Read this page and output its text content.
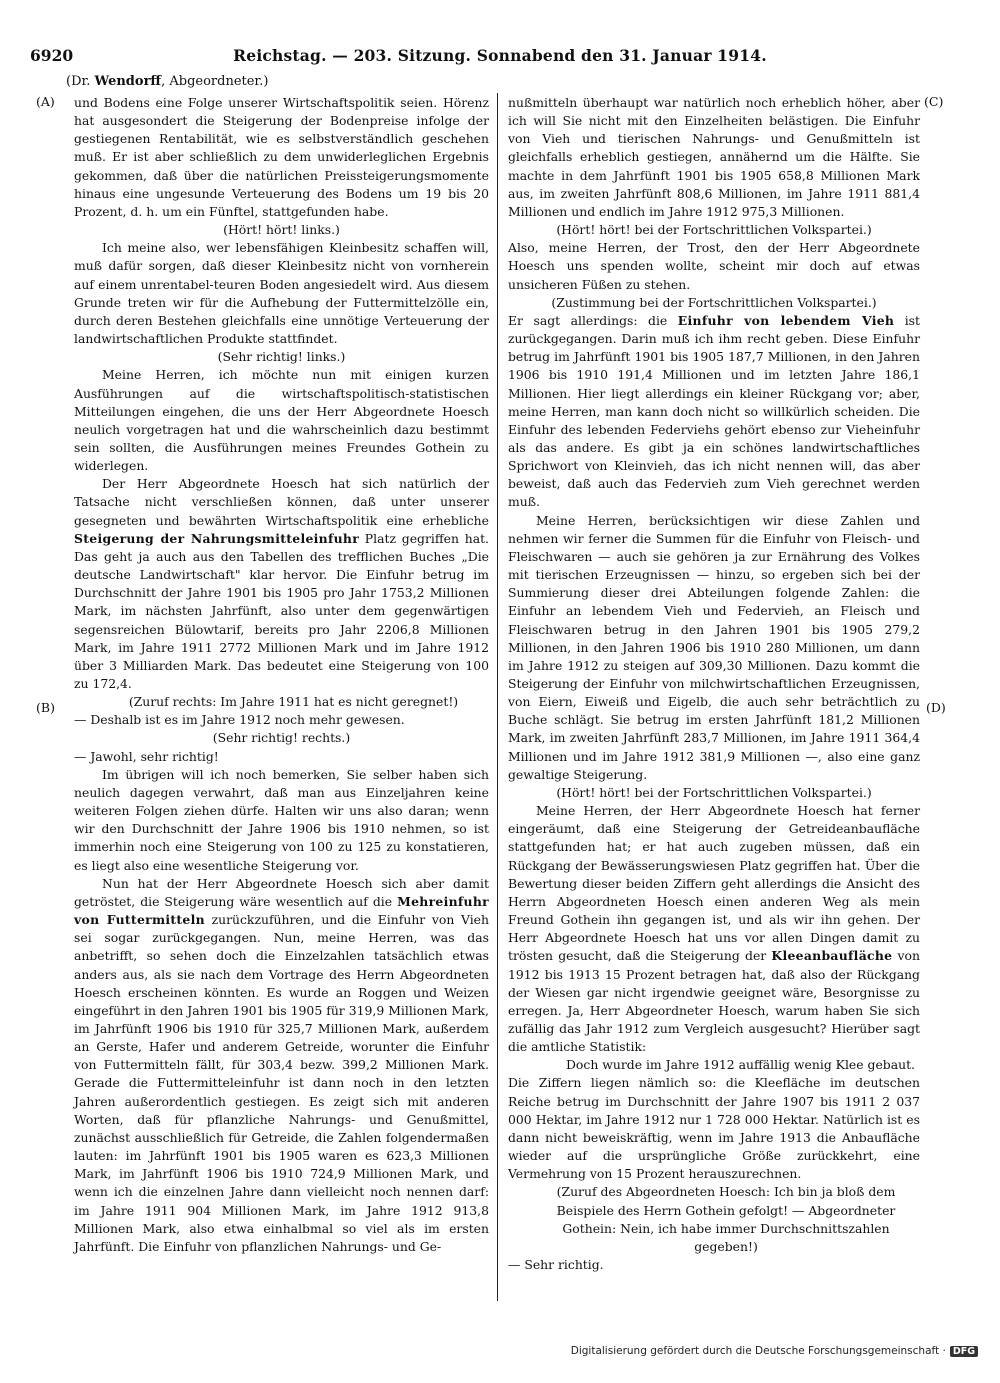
6920	Reichstag. — 203. Sitzung. Sonnabend den 31. Januar 1914.
(Dr. Wendorff, Abgeordneter.)
(A)
(B)
(C)
(D)

und Bodens eine Folge unserer Wirtschaftspolitik seien. Hörenz hat ausgesondert die Steigerung der Bodenpreise infolge der gestiegenen Rentabilität, wie es selbstverständlich geschehen muß. Er ist aber schließlich zu dem unwiderleglichen Ergebnis gekommen, daß über die natürlichen Preissteigerungsmomente hinaus eine ungesunde Verteuerung des Bodens um 19 bis 20 Prozent, d. h. um ein Fünftel, stattgefunden habe.

(Hört! hört! links.)

Ich meine also, wer lebensfähigen Kleinbesitz schaffen will, muß dafür sorgen, daß dieser Kleinbesitz nicht von vornherein auf einem unrentabel-teuren Boden angesiedelt wird. Aus diesem Grunde treten wir für die Aufhebung der Futtermittelzölle ein, durch deren Bestehen gleichfalls eine unnötige Verteuerung der landwirtschaftlichen Produkte stattfindet.

(Sehr richtig! links.)

Meine Herren, ich möchte nun mit einigen kurzen Ausführungen auf die wirtschaftspolitisch-statistischen Mitteilungen eingehen, die uns der Herr Abgeordnete Hoesch neulich vorgetragen hat und die wahrscheinlich dazu bestimmt sein sollten, die Ausführungen meines Freundes Gothein zu widerlegen.

Der Herr Abgeordnete Hoesch hat sich natürlich der Tatsache nicht verschließen können, daß unter unserer gesegneten und bewährten Wirtschaftspolitik eine erhebliche Steigerung der Nahrungsmitteleinfuhr Platz gegriffen hat. Das geht ja auch aus den Tabellen des trefflichen Buches „Die deutsche Landwirtschaft" klar hervor. Die Einfuhr betrug im Durchschnitt der Jahre 1901 bis 1905 pro Jahr 1753,2 Millionen Mark, im nächsten Jahrfünft, also unter dem gegenwärtigen segensreichen Bülowtarif, bereits pro Jahr 2206,8 Millionen Mark, im Jahre 1911 2772 Millionen Mark und im Jahre 1912 über 3 Milliarden Mark. Das bedeutet eine Steigerung von 100 zu 172,4.

(Zuruf rechts: Im Jahre 1911 hat es nicht geregnet!)

— Deshalb ist es im Jahre 1912 noch mehr gewesen.

(Sehr richtig! rechts.)

— Jawohl, sehr richtig!

Im übrigen will ich noch bemerken, Sie selber haben sich neulich dagegen verwahrt, daß man aus Einzeljahren keine weiteren Folgen ziehen dürfe. Halten wir uns also daran; wenn wir den Durchschnitt der Jahre 1906 bis 1910 nehmen, so ist immerhin noch eine Steigerung von 100 zu 125 zu konstatieren, es liegt also eine wesentliche Steigerung vor.

Nun hat der Herr Abgeordnete Hoesch sich aber damit getröstet, die Steigerung wäre wesentlich auf die Mehreinfuhr von Futtermitteln zurückzuführen, und die Einfuhr von Vieh sei sogar zurückgegangen. Nun, meine Herren, was das anbetrifft, so sehen doch die Einzelzahlen tatsächlich etwas anders aus, als sie nach dem Vortrage des Herrn Abgeordneten Hoesch erscheinen könnten. Es wurde an Roggen und Weizen eingeführt in den Jahren 1901 bis 1905 für 319,9 Millionen Mark, im Jahrfünft 1906 bis 1910 für 325,7 Millionen Mark, außerdem an Gerste, Hafer und anderem Getreide, worunter die Einfuhr von Futtermitteln fällt, für 303,4 bezw. 399,2 Millionen Mark. Gerade die Futtermitteleinfuhr ist dann noch in den letzten Jahren außerordentlich gestiegen. Es zeigt sich mit anderen Worten, daß für pflanzliche Nahrungs- und Genußmittel, zunächst ausschließlich für Getreide, die Zahlen folgendermaßen lauten: im Jahrfünft 1901 bis 1905 waren es 623,3 Millionen Mark, im Jahrfünft 1906 bis 1910 724,9 Millionen Mark, und wenn ich die einzelnen Jahre dann vielleicht noch nennen darf: im Jahre 1911 904 Millionen Mark, im Jahre 1912 913,8 Millionen Mark, also etwa einhalbmal so viel als im ersten Jahrfünft. Die Einfuhr von pflanzlichen Nahrungs- und Ge-

nußmitteln überhaupt war natürlich noch erheblich höher, aber ich will Sie nicht mit den Einzelheiten belästigen. Die Einfuhr von Vieh und tierischen Nahrungs- und Genußmitteln ist gleichfalls erheblich gestiegen, annähernd um die Hälfte. Sie machte in dem Jahrfünft 1901 bis 1905 658,8 Millionen Mark aus, im zweiten Jahrfünft 808,6 Millionen, im Jahre 1911 881,4 Millionen und endlich im Jahre 1912 975,3 Millionen.

(Hört! hört! bei der Fortschrittlichen Volkspartei.)

Also, meine Herren, der Trost, den der Herr Abgeordnete Hoesch uns spenden wollte, scheint mir doch auf etwas unsicheren Füßen zu stehen.

(Zustimmung bei der Fortschrittlichen Volkspartei.)

Er sagt allerdings: die Einfuhr von lebendem Vieh ist zurückgegangen. Darin muß ich ihm recht geben. Diese Einfuhr betrug im Jahrfünft 1901 bis 1905 187,7 Millionen, in den Jahren 1906 bis 1910 191,4 Millionen und im letzten Jahre 186,1 Millionen. Hier liegt allerdings ein kleiner Rückgang vor; aber, meine Herren, man kann doch nicht so willkürlich scheiden. Die Einfuhr des lebenden Federviehs gehört ebenso zur Vieheinfuhr als das andere. Es gibt ja ein schönes landwirtschaftliches Sprichwort von Kleinvieh, das ich nicht nennen will, das aber beweist, daß auch das Federvieh zum Vieh gerechnet werden muß.

Meine Herren, berücksichtigen wir diese Zahlen und nehmen wir ferner die Summen für die Einfuhr von Fleisch- und Fleischwaren — auch sie gehören ja zur Ernährung des Volkes mit tierischen Erzeugnissen — hinzu, so ergeben sich bei der Summierung dieser drei Abteilungen folgende Zahlen: die Einfuhr an lebendem Vieh und Federvieh, an Fleisch und Fleischwaren betrug in den Jahren 1901 bis 1905 279,2 Millionen, in den Jahren 1906 bis 1910 280 Millionen, um dann im Jahre 1912 zu steigen auf 309,30 Millionen. Dazu kommt die Steigerung der Einfuhr von milchwirtschaftlichen Erzeugnissen, von Eiern, Eiweiß und Eigelb, die auch sehr beträchtlich zu Buche schlägt. Sie betrug im ersten Jahrfünft 181,2 Millionen Mark, im zweiten Jahrfünft 283,7 Millionen, im Jahre 1911 364,4 Millionen und im Jahre 1912 381,9 Millionen —, also eine ganz gewaltige Steigerung.

(Hört! hört! bei der Fortschrittlichen Volkspartei.)

Meine Herren, der Herr Abgeordnete Hoesch hat ferner eingeräumt, daß eine Steigerung der Getreideanbaufläche stattgefunden hat; er hat auch zugeben müssen, daß ein Rückgang der Bewässerungswiesen Platz gegriffen hat. Über die Bewertung dieser beiden Ziffern geht allerdings die Ansicht des Herrn Abgeordneten Hoesch einen anderen Weg als mein Freund Gothein ihn gegangen ist, und als wir ihn gehen. Der Herr Abgeordnete Hoesch hat uns vor allen Dingen damit zu trösten gesucht, daß die Steigerung der Kleeanbaufläche von 1912 bis 1913 15 Prozent betragen hat, daß also der Rückgang der Wiesen gar nicht irgendwie geeignet wäre, Besorgnisse zu erregen. Ja, Herr Abgeordneter Hoesch, warum haben Sie sich zufällig das Jahr 1912 zum Vergleich ausgesucht? Hierüber sagt die amtliche Statistik:

Doch wurde im Jahre 1912 auffällig wenig Klee gebaut.

Die Ziffern liegen nämlich so: die Kleefläche im deutschen Reiche betrug im Durchschnitt der Jahre 1907 bis 1911 2 037 000 Hektar, im Jahre 1912 nur 1 728 000 Hektar. Natürlich ist es dann nicht beweiskräftig, wenn im Jahre 1913 die Anbaufläche wieder auf die ursprüngliche Größe zurückkehrt, eine Vermehrung von 15 Prozent herauszurechnen.

(Zuruf des Abgeordneten Hoesch: Ich bin ja bloß dem Beispiele des Herrn Gothein gefolgt! — Abgeordneter Gothein: Nein, ich habe immer Durchschnittszahlen gegeben!)

— Sehr richtig.

Digitalisierung gefördert durch die Deutsche Forschungsgemeinschaft · DFG
